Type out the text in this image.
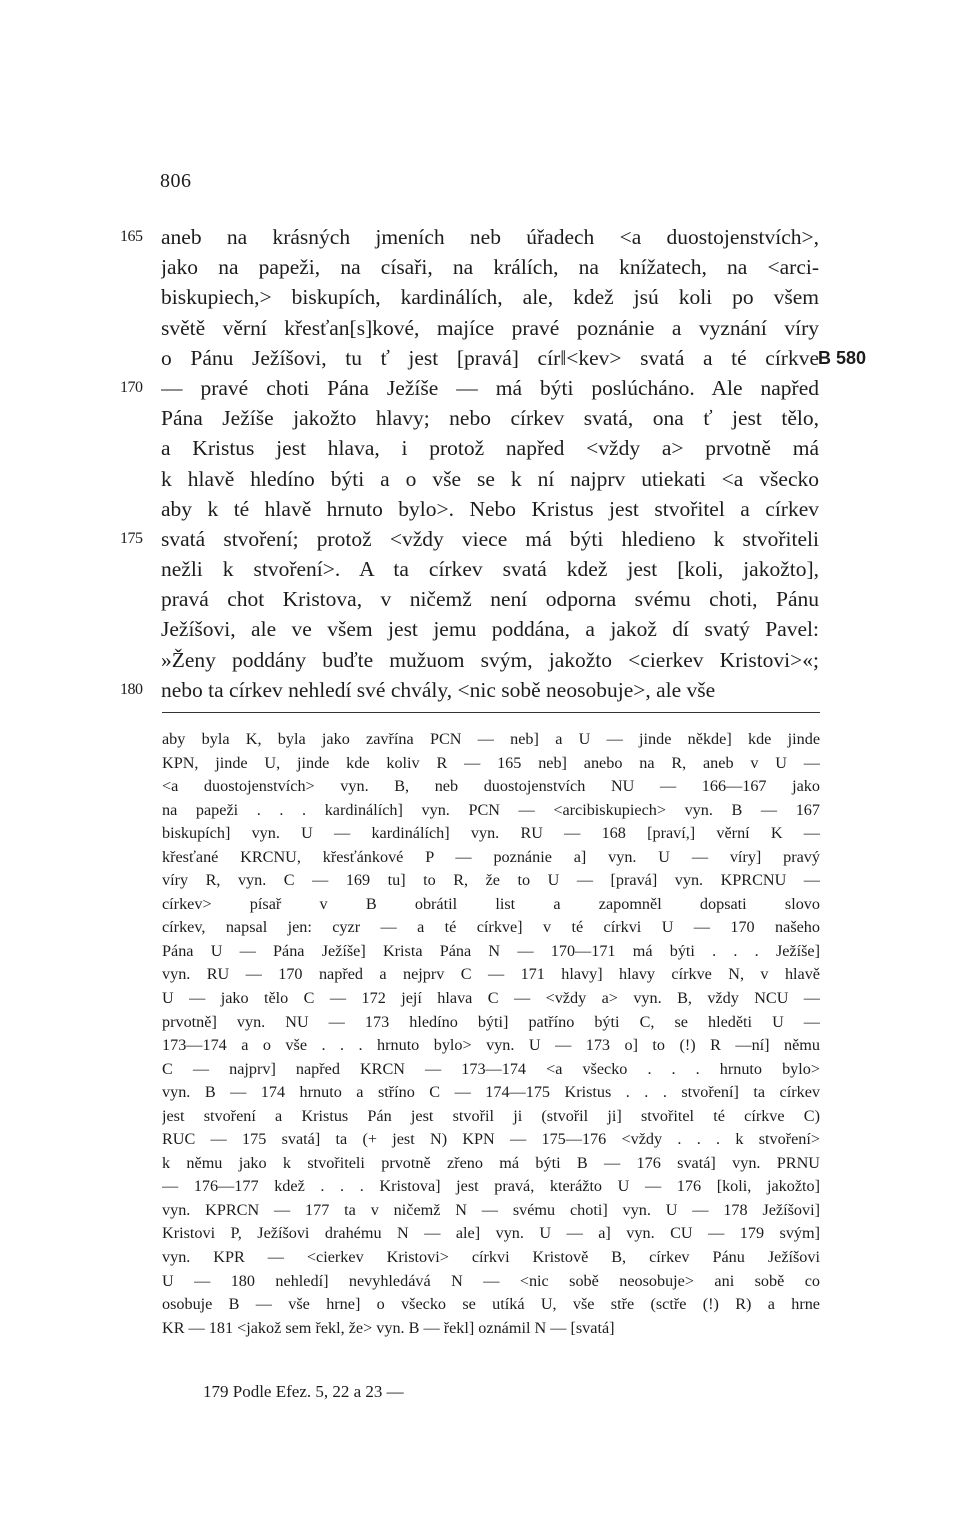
806
165 aneb na krásných jmeních neb úřadech <a duostojenstvích>,
jako na papeži, na císaři, na králích, na knížatech, na <arci-
biskupiech,> biskupích, kardinálích, ale, kdež jsú koli po všem
světě věrní křesťan[s]kové, majíce pravé poznánie a vyznání víry
o Pánu Ježíšovi, tu ť jest [pravá] cír‖<kev> svatá a té církve B 580
170 — pravé choti Pána Ježíše — má býti poslúcháno. Ale napřed
Pána Ježíše jakožto hlavy; nebo církev svatá, ona ť jest tělo,
a Kristus jest hlava, i protož napřed <vždy a> prvotně má
k hlavě hledíno býti a o vše se k ní najprv utiekati <a všecko
aby k té hlavě hrnuto bylo>. Nebo Kristus jest stvořitel a církev
175 svatá stvoření; protož <vždy viece má býti hledieno k stvořiteli
nežli k stvoření>. A ta církev svatá kdež jest [koli, jakožto],
pravá chot Kristova, v ničemž není odporna svému choti, Pánu
Ježíšovi, ale ve všem jest jemu poddána, a jakož dí svatý Pavel:
»Ženy poddány buďte mužuom svým, jakožto <cierkev Kristovi>«;
180 nebo ta církev nehledí své chvály, <nic sobě neosobuje>, ale vše
aby byla K, byla jako zavřína PCN — neb] a U — jinde někde] kde jinde
KPN, jinde U, jinde kde koliv R — 165 neb] anebo na R, aneb v U —
<a duostojenstvích> vyn. B, neb duostojenstvích NU — 166—167 jako
na papeži . . . kardinálích] vyn. PCN — <arcibiskupiech> vyn. B — 167
biskupích] vyn. U — kardinálích] vyn. RU — 168 [praví,] věrní K —
křesťané KRCNU, křesťánkové P — poznánie a] vyn. U — víry] pravý
víry R, vyn. C — 169 tu] to R, že to U — [pravá] vyn. KPRCNU —
církev> písař v B obrátil list a zapomněl dopsati slovo
církev, napsal jen: cyzr — a té církve] v té církvi U — 170 našeho
Pána U — Pána Ježíše] Krista Pána N — 170—171 má býti . . . Ježíše]
vyn. RU — 170 napřed a nejprv C — 171 hlavy] hlavy církve N, v hlavě
U — jako tělo C — 172 její hlava C — <vždy a> vyn. B, vždy NCU —
prvotně] vyn. NU — 173 hledíno býti] patříno býti C, se hleděti U —
173—174 a o vše . . . hrnuto bylo> vyn. U — 173 o] to (!) R —ní] němu
C — najprv] napřed KRCN — 173—174 <a všecko . . . hrnuto bylo>
vyn. B — 174 hrnuto a stříno C — 174—175 Kristus . . . stvoření] ta církev
jest stvoření a Kristus Pán jest stvořil ji (stvořil ji] stvořitel té církve C)
RUC — 175 svatá] ta (+ jest N) KPN — 175—176 <vždy . . . k stvoření>
k němu jako k stvořiteli prvotně zřeno má býti B — 176 svatá] vyn. PRNU
— 176—177 kdež . . . Kristova] jest pravá, kterážto U — 176 [koli, jakožto]
vyn. KPRCN — 177 ta v ničemž N — svému choti] vyn. U — 178 Ježíšovi]
Kristovi P, Ježíšovi drahému N — ale] vyn. U — a] vyn. CU — 179 svým]
vyn. KPR — <cierkev Kristovi> církvi Kristově B, církev Pánu Ježíšovi
U — 180 nehledí] nevyhledává N — <nic sobě neosobuje> ani sobě co
osobuje B — vše hrne] o všecko se utíká U, vše stře (sctře (!) R) a hrne
KR — 181 <jakož sem řekl, že> vyn. B — řekl] oznámil N — [svatá]
179 Podle Efez. 5, 22 a 23 —
